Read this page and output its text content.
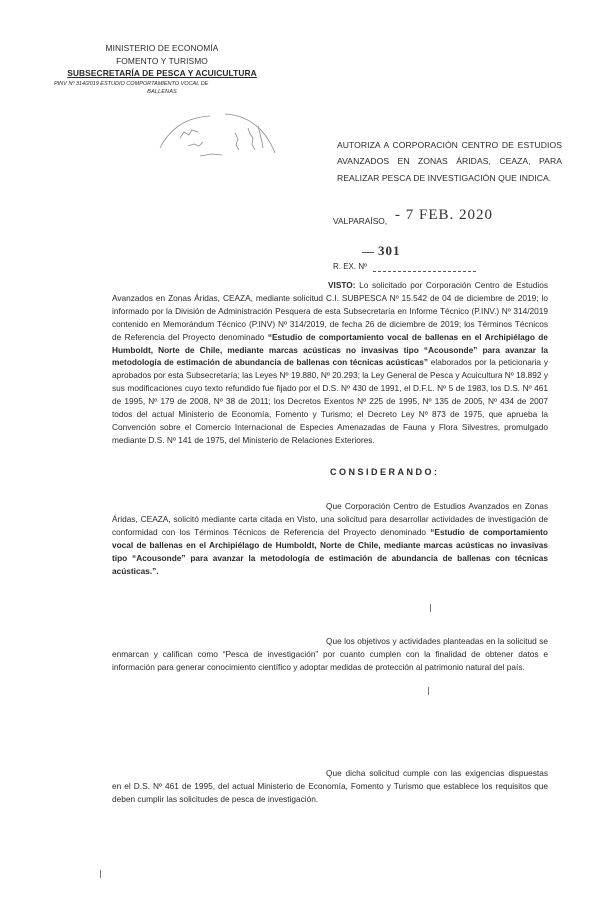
MINISTERIO DE ECONOMÍA
FOMENTO Y TURISMO
SUBSECRETARÍA DE PESCA Y ACUICULTURA
PINV Nº 314/2019 ESTUDIO COMPORTAMIENTO VOCAL DE
BALLENAS
AUTORIZA A CORPORACIÓN CENTRO DE ESTUDIOS AVANZADOS EN ZONAS ÁRIDAS, CEAZA, PARA REALIZAR PESCA DE INVESTIGACIÓN QUE INDICA.
VALPARAÍSO, - 7 FEB. 2020
301
R. EX. Nº
VISTO: Lo solicitado por Corporación Centro de Estudios Avanzados en Zonas Áridas, CEAZA, mediante solicitud C.I. SUBPESCA Nº 15.542 de 04 de diciembre de 2019; lo informado por la División de Administración Pesquera de esta Subsecretaría en Informe Técnico (P.INV.) Nº 314/2019 contenido en Memorándum Técnico (P.INV) Nº 314/2019, de fecha 26 de diciembre de 2019; los Términos Técnicos de Referencia del Proyecto denominado “Estudio de comportamiento vocal de ballenas en el Archipiélago de Humboldt, Norte de Chile, mediante marcas acústicas no invasivas tipo “Acousonde” para avanzar la metodología de estimación de abundancia de ballenas con técnicas acústicas” elaborados por la peticionaria y aprobados por esta Subsecretaría; las Leyes Nº 19.880, Nº 20.293; la Ley General de Pesca y Acuicultura Nº 18.892 y sus modificaciones cuyo texto refundido fue fijado por el D.S. Nº 430 de 1991, el D.F.L. Nº 5 de 1983, los D.S. Nº 461 de 1995, Nº 179 de 2008, Nº 38 de 2011; los Decretos Exentos Nº 225 de 1995, Nº 135 de 2005, Nº 434 de 2007 todos del actual Ministerio de Economía, Fomento y Turismo; el Decreto Ley Nº 873 de 1975, que aprueba la Convención sobre el Comercio Internacional de Especies Amenazadas de Fauna y Flora Silvestres, promulgado mediante D.S. Nº 141 de 1975, del Ministerio de Relaciones Exteriores.
CONSIDERANDO:
Que Corporación Centro de Estudios Avanzados en Zonas Áridas, CEAZA, solicitó mediante carta citada en Visto, una solicitud para desarrollar actividades de investigación de conformidad con los Términos Técnicos de Referencia del Proyecto denominado “Estudio de comportamiento vocal de ballenas en el Archipiélago de Humboldt, Norte de Chile, mediante marcas acústicas no invasivas tipo “Acousonde” para avanzar la metodología de estimación de abundancia de ballenas con técnicas acústicas.”.
Que los objetivos y actividades planteadas en la solicitud se enmarcan y califican como “Pesca de investigación” por cuanto cumplen con la finalidad de obtener datos e información para generar conocimiento científico y adoptar medidas de protección al patrimonio natural del país.
Que dicha solicitud cumple con las exigencias dispuestas en el D.S. Nº 461 de 1995, del actual Ministerio de Economía, Fomento y Turismo que establece los requisitos que deben cumplir las solicitudes de pesca de investigación.
